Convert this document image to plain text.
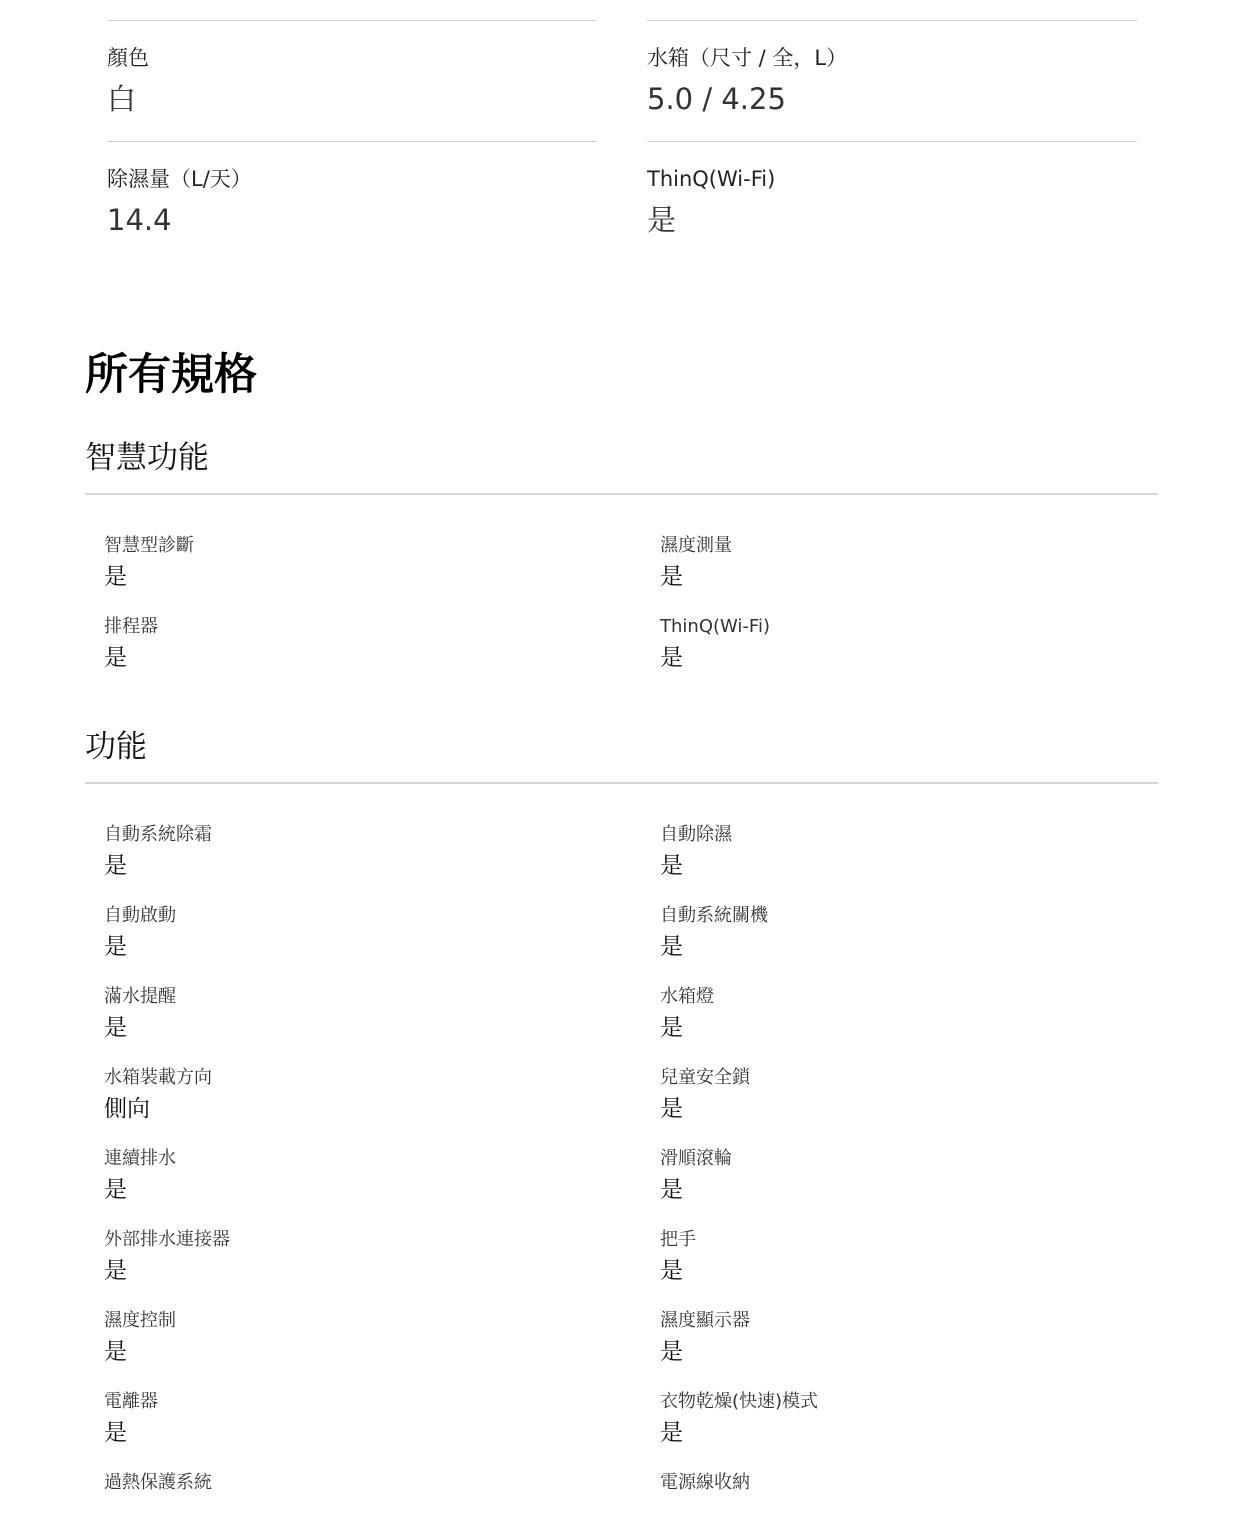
顏色
白
水箱（尺寸 / 全，L）
5.0 / 4.25
除濕量（L/天）
14.4
ThinQ(Wi-Fi)
是
所有規格
智慧功能
智慧型診斷
是
濕度測量
是
排程器
是
ThinQ(Wi-Fi)
是
功能
自動系統除霜
是
自動除濕
是
自動啟動
是
自動系統關機
是
滿水提醒
是
水箱燈
是
水箱裝載方向
側向
兒童安全鎖
是
連續排水
是
滑順滾輪
是
外部排水連接器
是
把手
是
濕度控制
是
濕度顯示器
是
電離器
是
衣物乾燥(快速)模式
是
過熱保護系統	電源線收納
